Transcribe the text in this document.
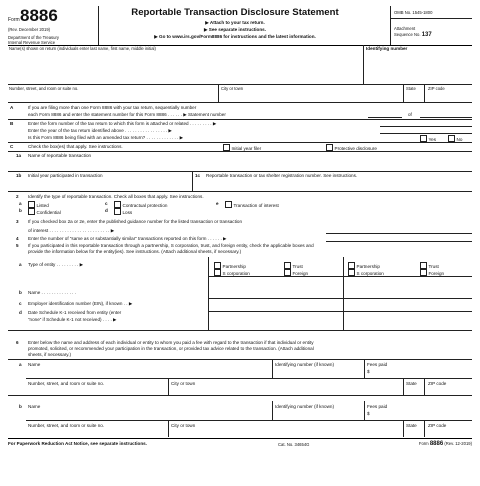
Form 8886
(Rev. December 2019)
Department of the Treasury
Internal Revenue Service
Reportable Transaction Disclosure Statement
▶ Attach to your tax return.
▶ See separate instructions.
▶ Go to www.irs.gov/Form8886 for instructions and the latest information.
OMB No. 1545-1800
Attachment
Sequence No. 137
Name(s) shown on return (individuals enter last name, first name, middle initial)	Identifying number
Number, street, and room or suite no.	City or town	State	ZIP code
A	If you are filing more than one Form 8886 with your tax return, sequentially number
each Form 8886 and enter the statement number for this Form 8886 . . . . . . ▶ Statement number	of
B	Enter the form number of the tax return to which this form is attached or related . . . . . . . . . ▶
Enter the year of the tax return identified above . . . . . . . . . . . . . . . . . ▶
Is this Form 8886 being filed with an amended tax return? . . . . . . . . . . . . . ▶	Yes	No
C	Check the box(es) that apply. See instructions.	Initial year filer	Protective disclosure
1a Name of reportable transaction
1b Initial year participated in transaction	1c Reportable transaction or tax shelter registration number. See instructions.
2 Identify the type of reportable transaction. Check all boxes that apply. See instructions.
a	Listed
b	Confidential
c	Contractual protection
d	Loss
e	Transaction of interest
3 If you checked box 2a or 2e, enter the published guidance number for the listed transaction or transaction
of interest . . . . . . . . . . . . . . . . . . . . . . . . ▶
4 Enter the number of “same as or substantially similar” transactions reported on this form . . . . . . ▶
5 If you participated in this reportable transaction through a partnership, S corporation, trust, and foreign entity, check the applicable boxes and
provide the information below for the entity(ies). See instructions. (Attach additional sheets, if necessary.)
a Type of entity . . . . . . . . . ▶	Partnership	Trust
S corporation	Foreign
Partnership	Trust
S corporation	Foreign
b Name . . . . . . . . . . . . . .
c Employer identification number (EIN), if known . . ▶
d Date Schedule K-1 received from entity (enter
“none” if Schedule K-1 not received) . . . . ▶
6 Enter below the name and address of each individual or entity to whom you paid a fee with regard to the transaction if that individual or entity
promoted, solicited, or recommended your participation in the transaction, or provided tax advice related to the transaction. (Attach additional
sheets, if necessary.)
a Name	Identifying number (if known)	Fees paid
$
Number, street, and room or suite no.	City or town	State ZIP code
b Name	Identifying number (if known)	Fees paid
$
Number, street, and room or suite no.	City or town	State ZIP code
For Paperwork Reduction Act Notice, see separate instructions.	Cat. No. 34654G	Form 8886 (Rev. 12-2019)
